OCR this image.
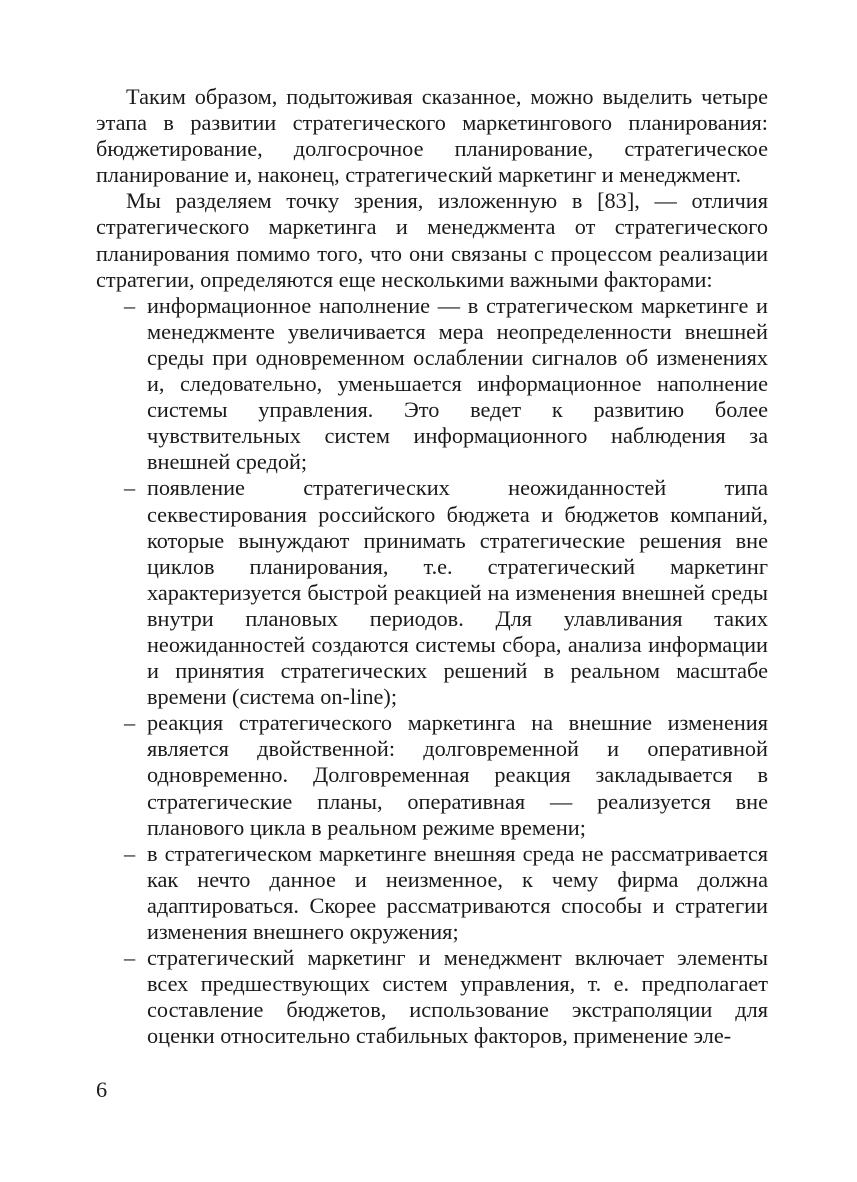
Таким образом, подытоживая сказанное, можно выделить четыре этапа в развитии стратегического маркетингового планирования: бюджетирование, долгосрочное планирование, стратегическое планирование и, наконец, стратегический маркетинг и менеджмент.

Мы разделяем точку зрения, изложенную в [83], — отличия стратегического маркетинга и менеджмента от стратегического планирования помимо того, что они связаны с процессом реализации стратегии, определяются еще несколькими важными факторами:

– информационное наполнение — в стратегическом маркетинге и менеджменте увеличивается мера неопределенности внешней среды при одновременном ослаблении сигналов об изменениях и, следовательно, уменьшается информационное наполнение системы управления. Это ведет к развитию более чувствительных систем информационного наблюдения за внешней средой;
– появление стратегических неожиданностей типа секвестирования российского бюджета и бюджетов компаний, которые вынуждают принимать стратегические решения вне циклов планирования, т.е. стратегический маркетинг характеризуется быстрой реакцией на изменения внешней среды внутри плановых периодов. Для улавливания таких неожиданностей создаются системы сбора, анализа информации и принятия стратегических решений в реальном масштабе времени (система on-line);
– реакция стратегического маркетинга на внешние изменения является двойственной: долговременной и оперативной одновременно. Долговременная реакция закладывается в стратегические планы, оперативная — реализуется вне планового цикла в реальном режиме времени;
– в стратегическом маркетинге внешняя среда не рассматривается как нечто данное и неизменное, к чему фирма должна адаптироваться. Скорее рассматриваются способы и стратегии изменения внешнего окружения;
– стратегический маркетинг и менеджмент включает элементы всех предшествующих систем управления, т. е. предполагает составление бюджетов, использование экстраполяции для оценки относительно стабильных факторов, применение эле-
6
